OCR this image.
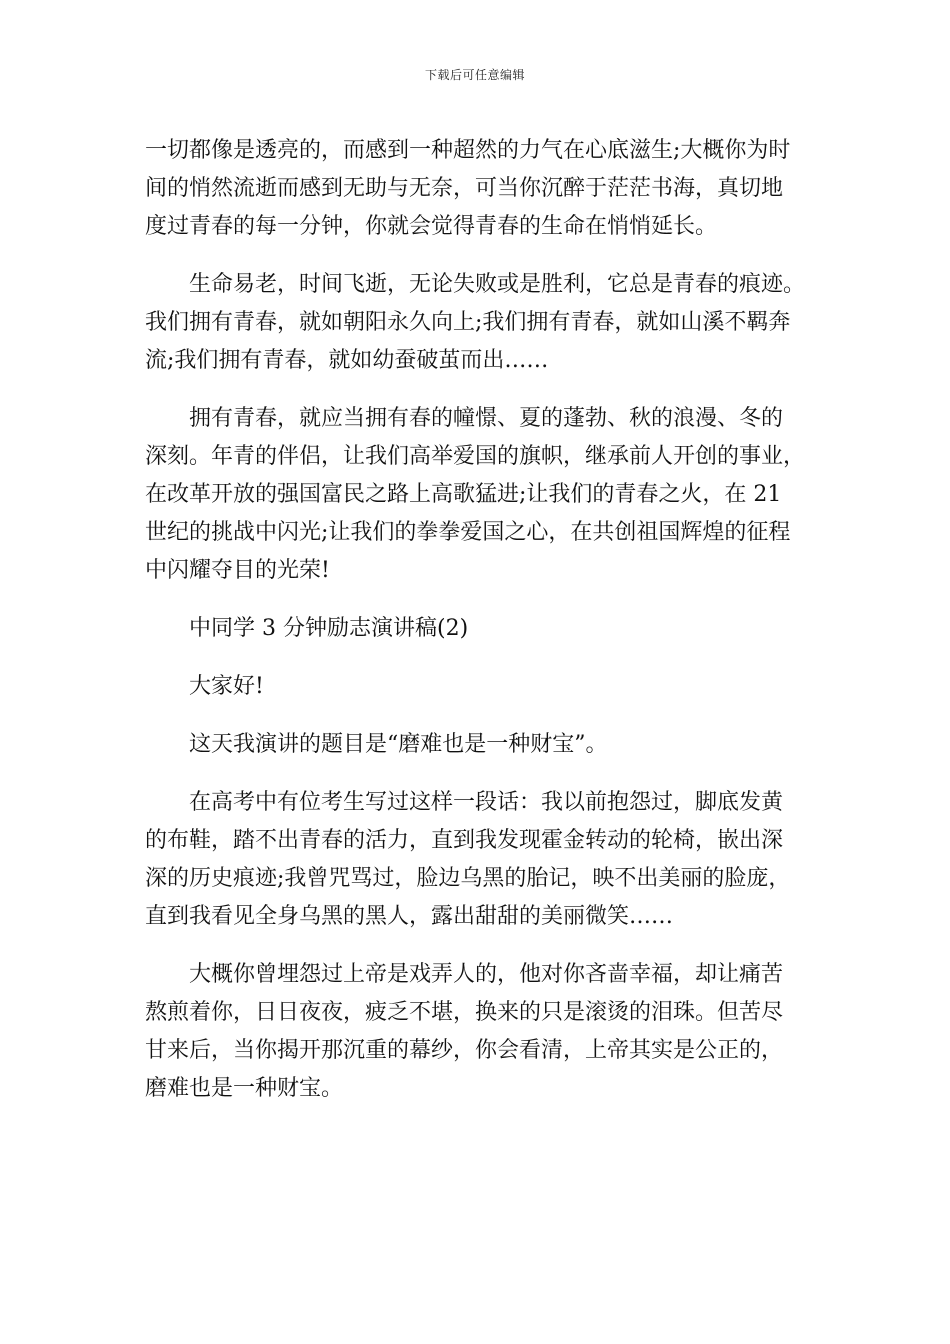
下载后可任意编辑
一切都像是透亮的，而感到一种超然的力气在心底滋生;大概你为时
间的悄然流逝而感到无助与无奈，可当你沉醉于茫茫书海，真切地
度过青春的每一分钟，你就会觉得青春的生命在悄悄延长。
生命易老，时间飞逝，无论失败或是胜利，它总是青春的痕迹。
我们拥有青春，就如朝阳永久向上;我们拥有青春，就如山溪不羁奔
流;我们拥有青春，就如幼蚕破茧而出……
拥有青春，就应当拥有春的幢憬、夏的蓬勃、秋的浪漫、冬的
深刻。年青的伴侣，让我们高举爱国的旗帜，继承前人开创的事业，
在改革开放的强国富民之路上高歌猛进;让我们的青春之火，在 21
世纪的挑战中闪光;让我们的拳拳爱国之心，在共创祖国辉煌的征程
中闪耀夺目的光荣!
中同学 3 分钟励志演讲稿(2)
大家好!
这天我演讲的题目是“磨难也是一种财宝”。
在高考中有位考生写过这样一段话：我以前抱怨过，脚底发黄
的布鞋，踏不出青春的活力，直到我发现霍金转动的轮椅，嵌出深
深的历史痕迹;我曾咒骂过，脸边乌黑的胎记，映不出美丽的脸庞，
直到我看见全身乌黑的黑人，露出甜甜的美丽微笑……
大概你曾埋怨过上帝是戏弄人的，他对你吝啬幸福，却让痛苦
熬煎着你，日日夜夜，疲乏不堪，换来的只是滚烫的泪珠。但苦尽
甘来后，当你揭开那沉重的幕纱，你会看清，上帝其实是公正的，
磨难也是一种财宝。
